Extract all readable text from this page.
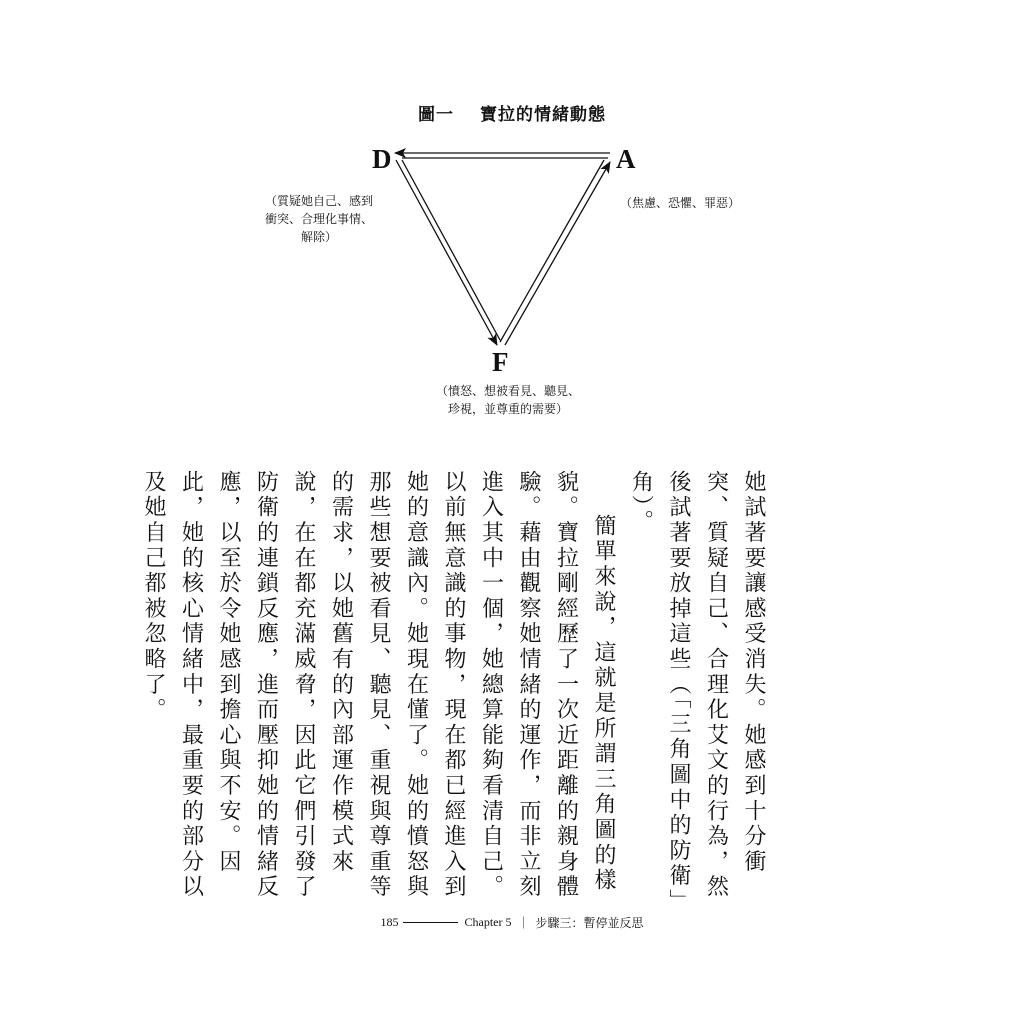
圖一 寶拉的情緒動態
D	A
F
（質疑她自己、感到
衝突、合理化事情、
解除）
（焦慮、恐懼、罪惡）
（憤怒、想被看見、聽見、
珍視，並尊重的需要）

她試著要讓感受消失。她感到十分衝突、質疑自己、合理化艾文的行為，然後試著要放掉這些（「三角圖中的防衛」角）。

簡單來說，這就是所謂三角圖的樣貌。寶拉剛經歷了一次近距離的親身體驗。藉由觀察她情緒的運作，而非立刻進入其中一個，她總算能夠看清自己。以前無意識的事物，現在都已經進入到她的意識內。她現在懂了。她的憤怒與那些想要被看見、聽見、重視與尊重等的需求，以她舊有的內部運作模式來說，在在都充滿威脅，因此它們引發了防衛的連鎖反應，進而壓抑她的情緒反應，以至於令她感到擔心與不安。因此，她的核心情緒中，最重要的部分以及她自己都被忽略了。

185	Chapter 5 ｜ 步驟三：暫停並反思
